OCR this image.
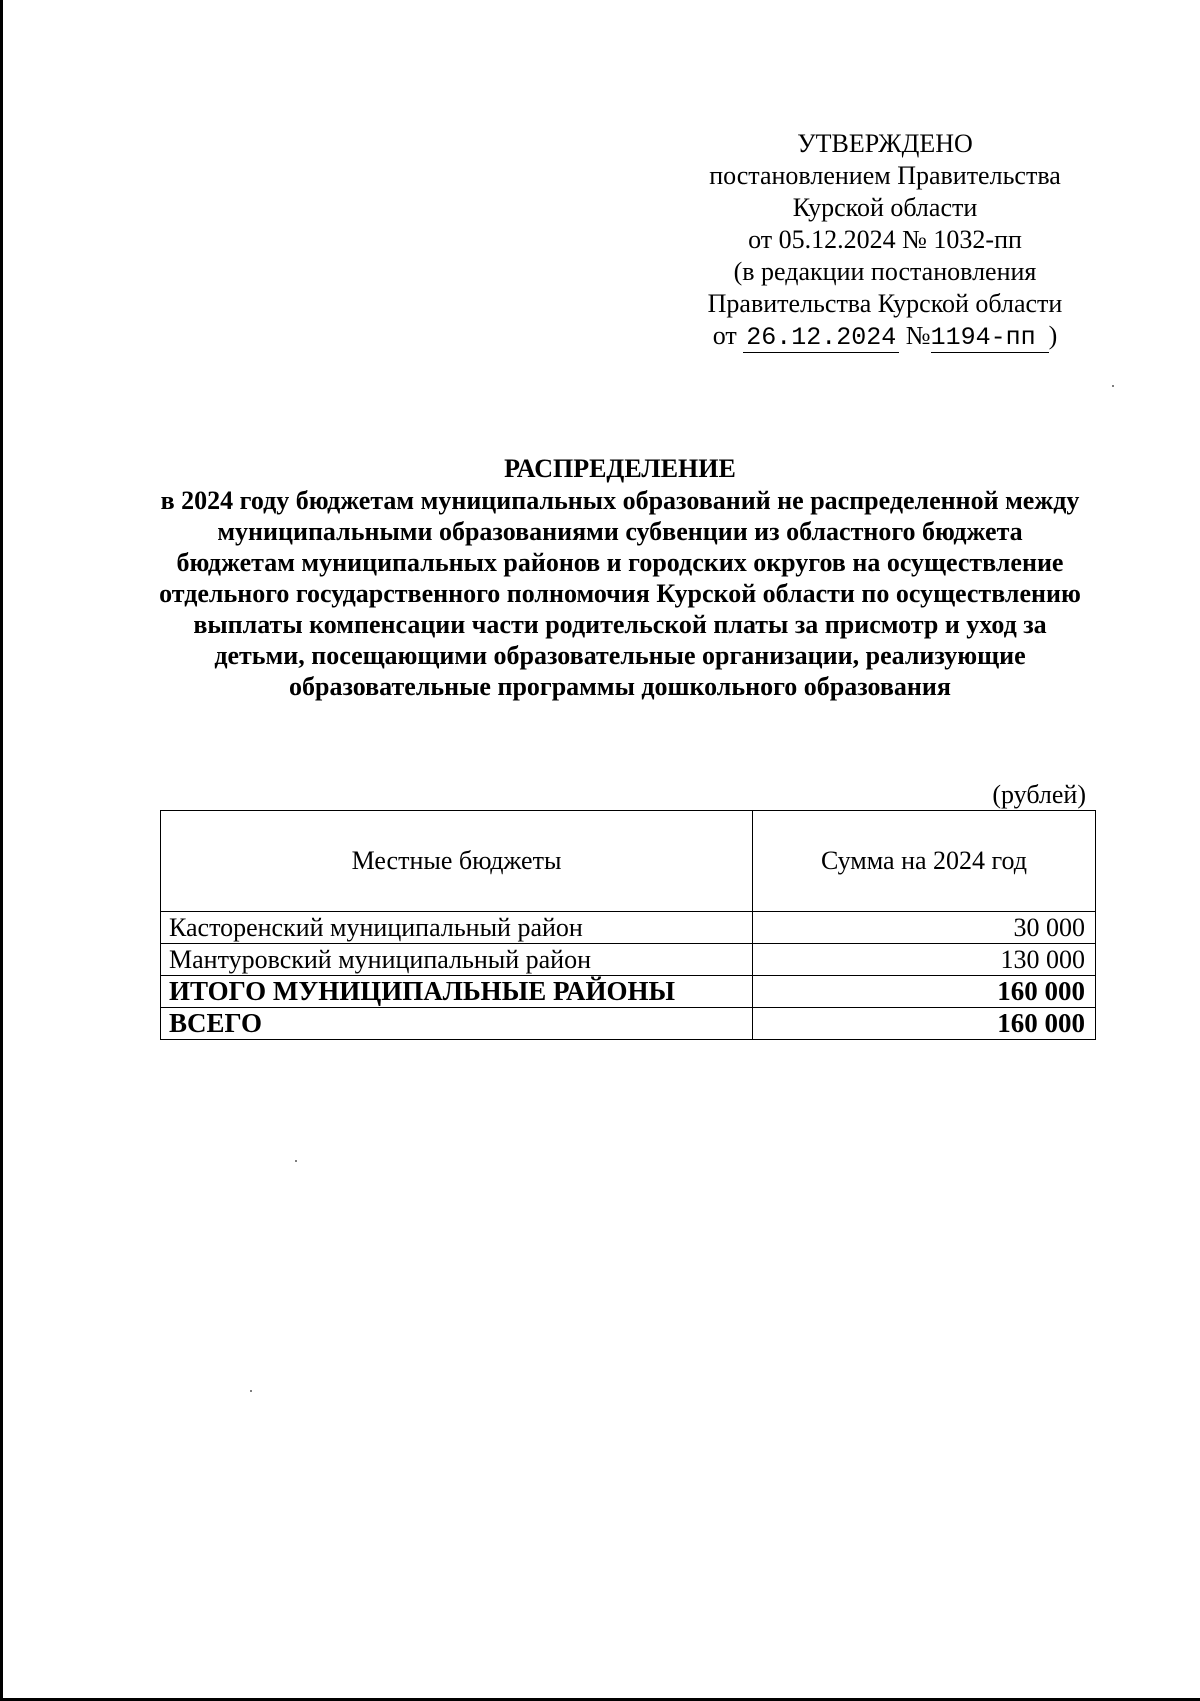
УТВЕРЖДЕНО
постановлением Правительства
Курской области
от 05.12.2024 № 1032-пп
(в редакции постановления
Правительства Курской области
от 26.12.2024 №1194-пп )
РАСПРЕДЕЛЕНИЕ
в 2024 году бюджетам муниципальных образований не распределенной между муниципальными образованиями субвенции из областного бюджета бюджетам муниципальных районов и городских округов на осуществление отдельного государственного полномочия Курской области по осуществлению выплаты компенсации части родительской платы за присмотр и уход за детьми, посещающими образовательные организации, реализующие образовательные программы дошкольного образования
(рублей)
Местные бюджеты	Сумма на 2024 год
Касторенский муниципальный район	30 000
Мантуровский муниципальный район	130 000
ИТОГО МУНИЦИПАЛЬНЫЕ РАЙОНЫ	160 000
ВСЕГО	160 000
